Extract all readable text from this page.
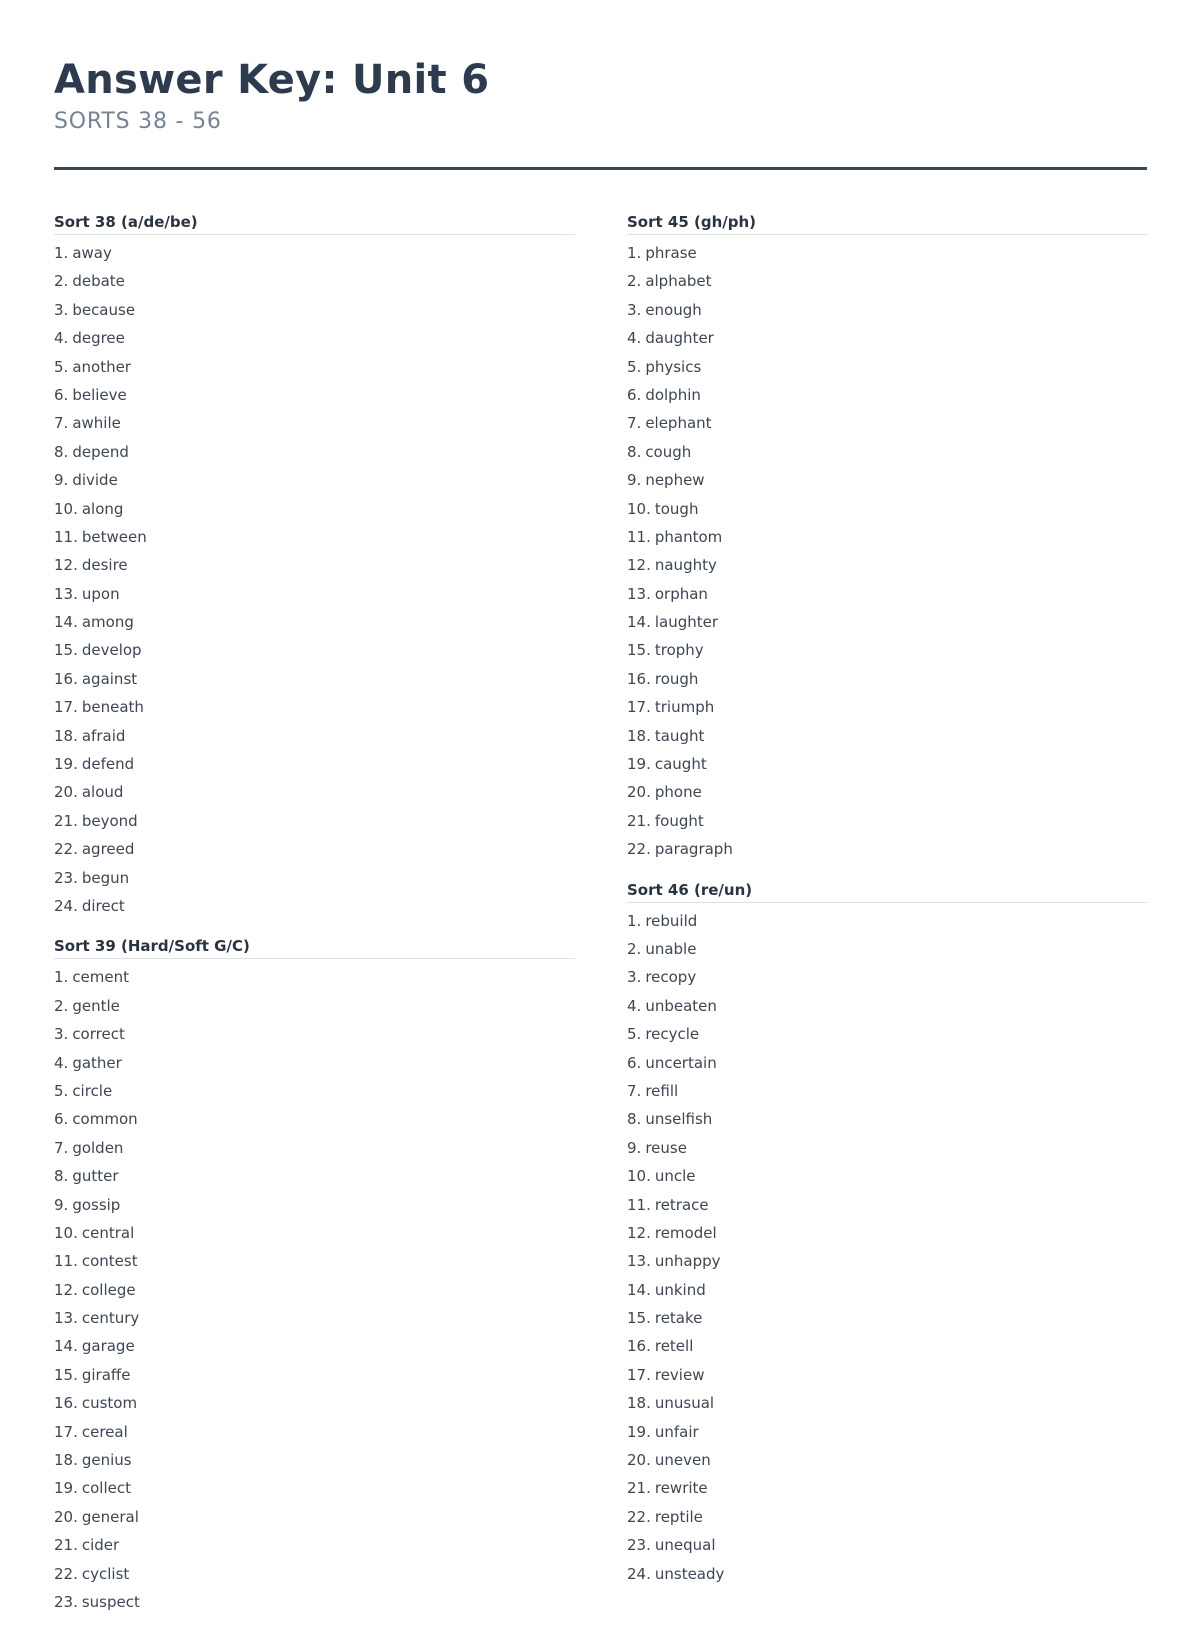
Answer Key: Unit 6
SORTS 38 - 56
Sort 38 (a/de/be)
1. away
2. debate
3. because
4. degree
5. another
6. believe
7. awhile
8. depend
9. divide
10. along
11. between
12. desire
13. upon
14. among
15. develop
16. against
17. beneath
18. afraid
19. defend
20. aloud
21. beyond
22. agreed
23. begun
24. direct
Sort 39 (Hard/Soft G/C)
1. cement
2. gentle
3. correct
4. gather
5. circle
6. common
7. golden
8. gutter
9. gossip
10. central
11. contest
12. college
13. century
14. garage
15. giraffe
16. custom
17. cereal
18. genius
19. collect
20. general
21. cider
22. cyclist
23. suspect
Sort 45 (gh/ph)
1. phrase
2. alphabet
3. enough
4. daughter
5. physics
6. dolphin
7. elephant
8. cough
9. nephew
10. tough
11. phantom
12. naughty
13. orphan
14. laughter
15. trophy
16. rough
17. triumph
18. taught
19. caught
20. phone
21. fought
22. paragraph
Sort 46 (re/un)
1. rebuild
2. unable
3. recopy
4. unbeaten
5. recycle
6. uncertain
7. refill
8. unselfish
9. reuse
10. uncle
11. retrace
12. remodel
13. unhappy
14. unkind
15. retake
16. retell
17. review
18. unusual
19. unfair
20. uneven
21. rewrite
22. reptile
23. unequal
24. unsteady
